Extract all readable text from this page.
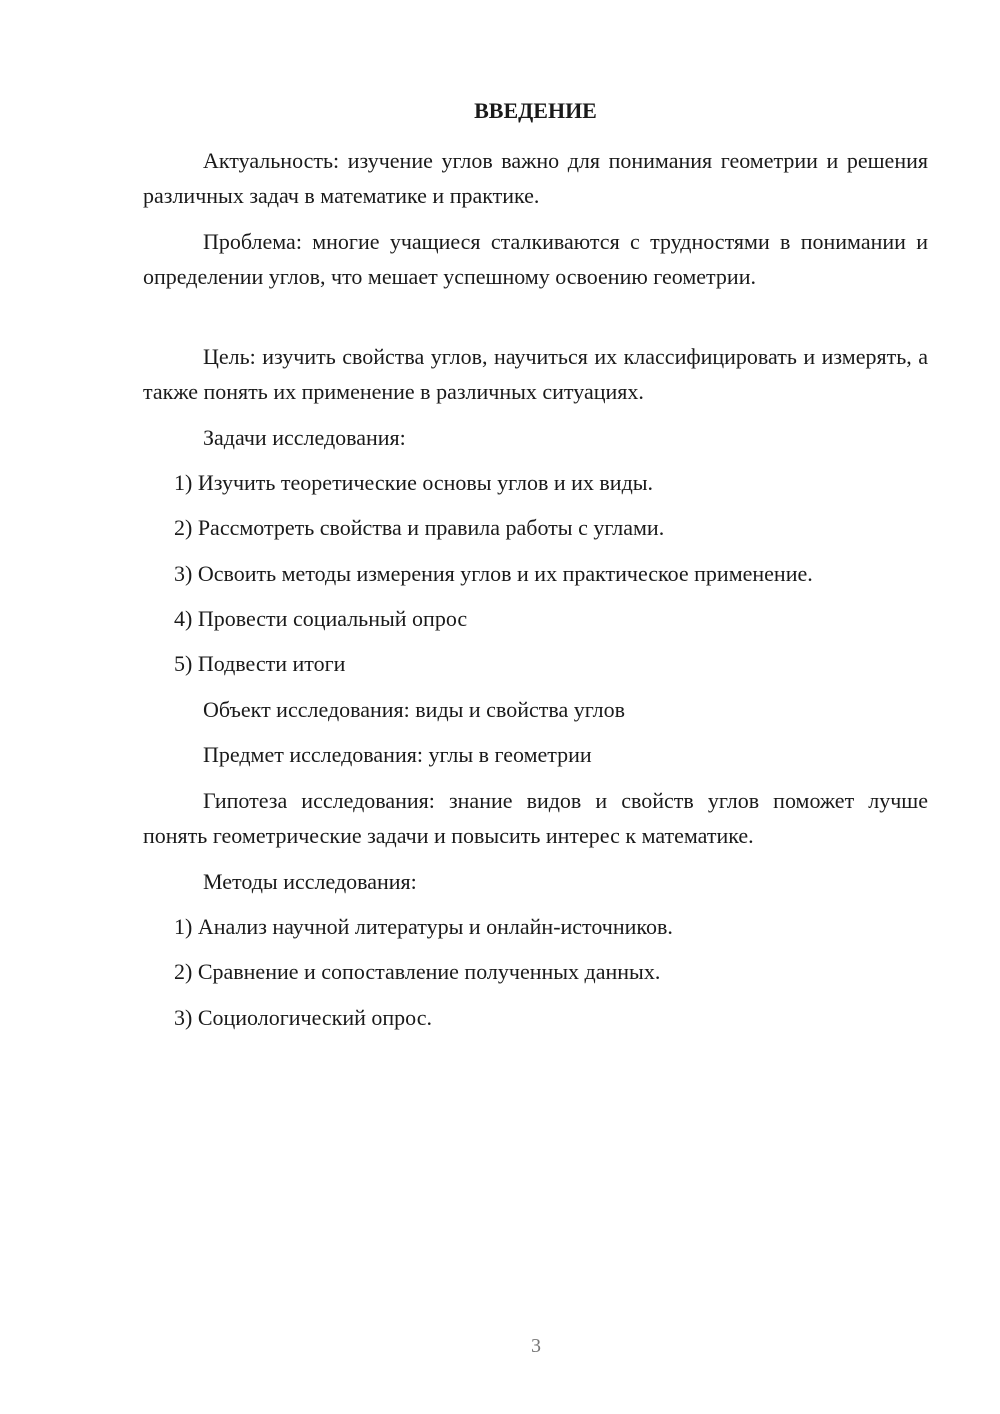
ВВЕДЕНИЕ

Актуальность: изучение углов важно для понимания геометрии и решения различных задач в математике и практике.

Проблема: многие учащиеся сталкиваются с трудностями в понимании и определении углов, что мешает успешному освоению геометрии.

Цель: изучить свойства углов, научиться их классифицировать и измерять, а также понять их применение в различных ситуациях.

Задачи исследования:

1) Изучить теоретические основы углов и их виды.

2) Рассмотреть свойства и правила работы с углами.

3) Освоить методы измерения углов и их практическое применение.

4) Провести социальный опрос

5) Подвести итоги

Объект исследования: виды и свойства углов

Предмет исследования: углы в геометрии

Гипотеза исследования: знание видов и свойств углов поможет лучше понять геометрические задачи и повысить интерес к математике.

Методы исследования:

1) Анализ научной литературы и онлайн-источников.

2) Сравнение и сопоставление полученных данных.

3) Социологический опрос.

3
